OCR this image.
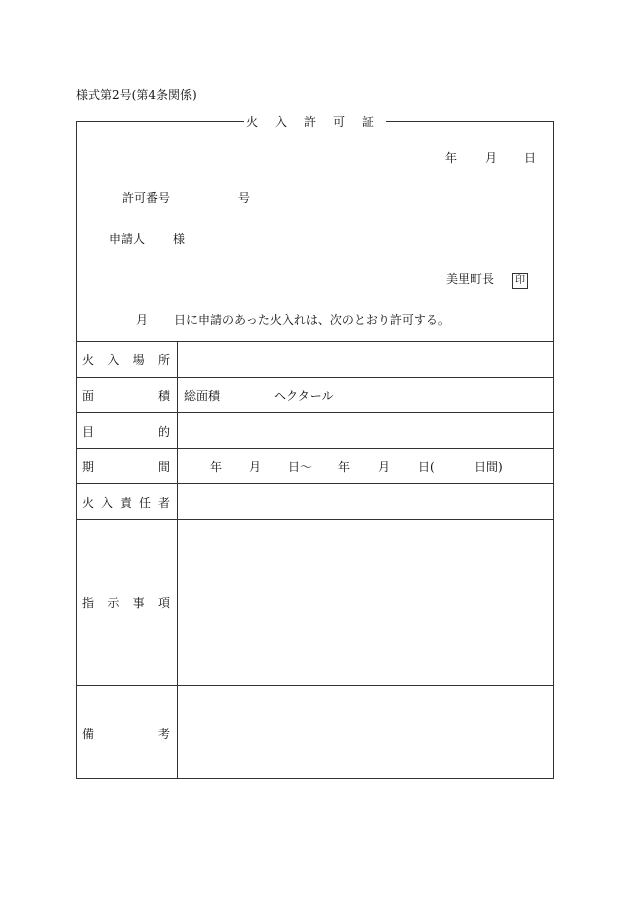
様式第2号(第4条関係)
火入許可証
年 月 日
許可番号	号
申請人 様
美里町長 印
月 日に申請のあった火入れは、次のとおり許可する。
火 入 場 所
面	積 総面積	ヘクタール
目	的
期	間	年 月 日～ 年 月 日(	日間)
火 入 責 任 者
指 示 事 項
備	考
